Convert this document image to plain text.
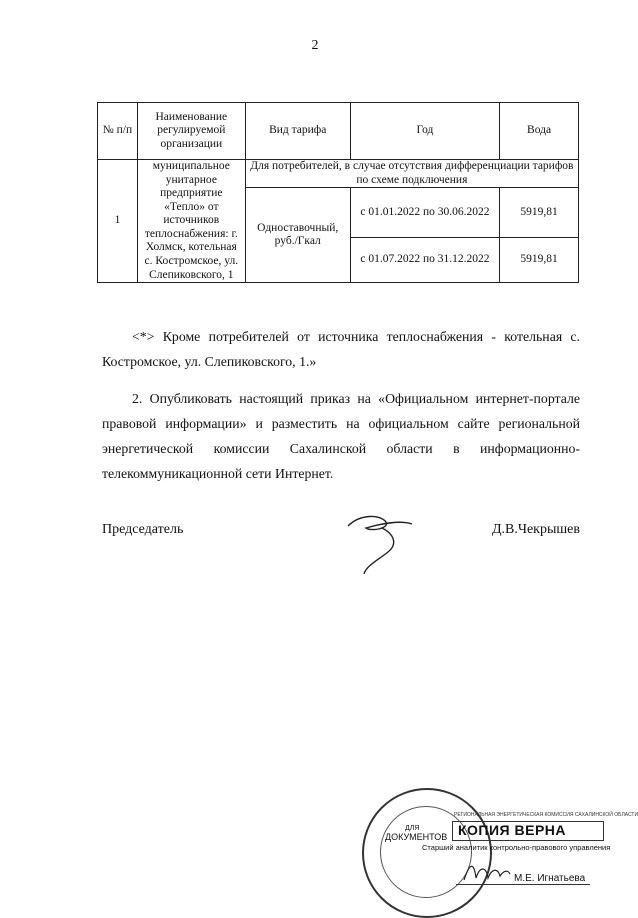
2
№ п/п	Наименование регулируемой организации	Вид тарифа	Год	Вода
1	муниципальное унитарное предприятие «Тепло» от источников теплоснабжения: г. Холмск, котельная с. Костромское, ул. Слепиковского, 1	Для потребителей, в случае отсутствия дифференциации тарифов по схеме подключения		
		Одноставочный, руб./Гкал	с 01.01.2022 по 30.06.2022	5919,81
			с 01.07.2022 по 31.12.2022	5919,81
<*> Кроме потребителей от источника теплоснабжения - котельная с. Костромское, ул. Слепиковского, 1.»
2. Опубликовать настоящий приказ на «Официальном интернет-портале правовой информации» и разместить на официальном сайте региональной энергетической комиссии Сахалинской области в информационно-телекоммуникационной сети Интернет.
Председатель	Д.В.Чекрышев
РЕГИОНАЛЬНАЯ ЭНЕРГЕТИЧЕСКАЯ КОМИССИЯ САХАЛИНСКОЙ ОБЛАСТИ
ДЛЯ
ДОКУМЕНТОВ КОПИЯ ВЕРНА
Старший аналитик контрольно-правового управления
М.Е. Игнатьева
